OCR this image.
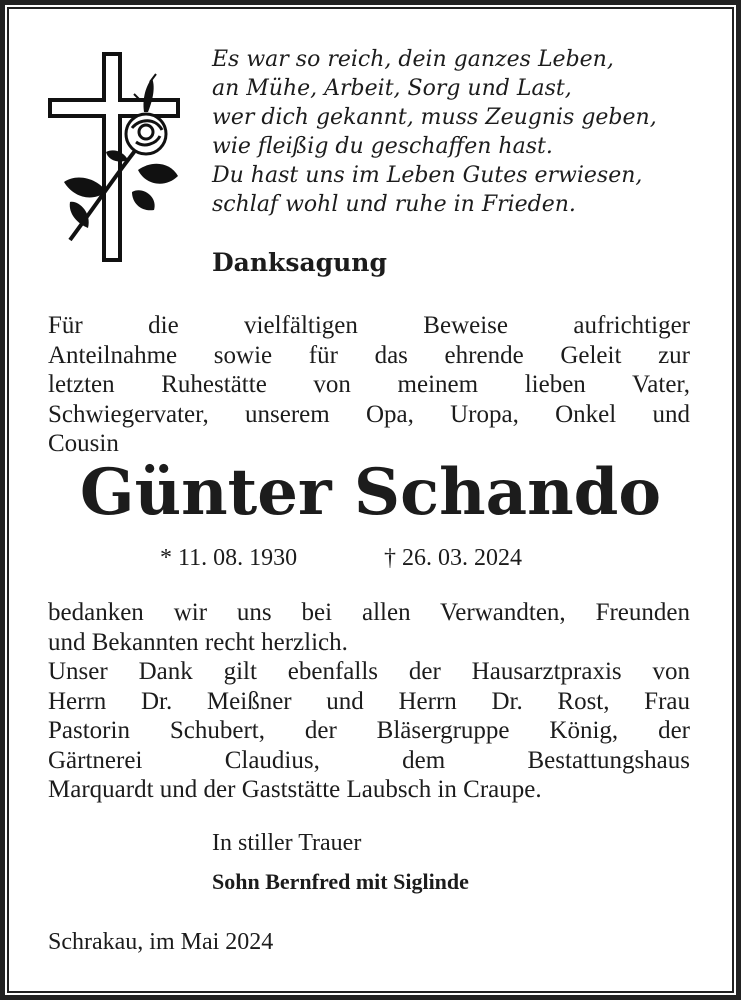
Es war so reich, dein ganzes Leben,
an Mühe, Arbeit, Sorg und Last,
wer dich gekannt, muss Zeugnis geben,
wie fleißig du geschaffen hast.
Du hast uns im Leben Gutes erwiesen,
schlaf wohl und ruhe in Frieden.
Danksagung
Für die vielfältigen Beweise aufrichtiger
Anteilnahme sowie für das ehrende Geleit zur
letzten Ruhestätte von meinem lieben Vater,
Schwiegervater, unserem Opa, Uropa, Onkel und
Cousin
Günter Schando
* 11. 08. 1930	† 26. 03. 2024
bedanken wir uns bei allen Verwandten, Freunden
und Bekannten recht herzlich.
Unser Dank gilt ebenfalls der Hausarztpraxis von
Herrn Dr. Meißner und Herrn Dr. Rost, Frau
Pastorin Schubert, der Bläsergruppe König, der
Gärtnerei Claudius, dem Bestattungshaus
Marquardt und der Gaststätte Laubsch in Craupe.
In stiller Trauer
Sohn Bernfred mit Siglinde
Schrakau, im Mai 2024
